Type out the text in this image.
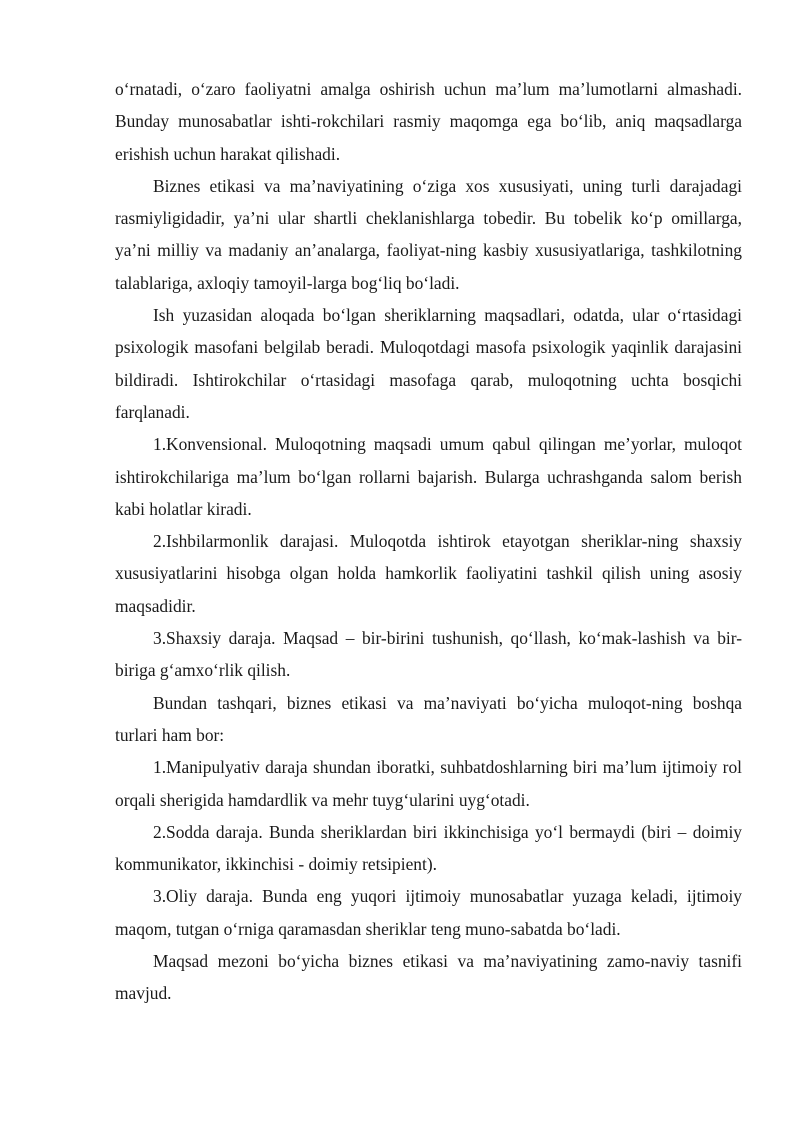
o‘rnatadi, o‘zaro faoliyatni amalga oshirish uchun ma’lum ma’lumotlarni almashadi. Bunday munosabatlar ishti-rokchilari rasmiy maqomga ega bo‘lib, aniq maqsadlarga erishish uchun harakat qilishadi.

Biznes etikasi va ma’naviyatining o‘ziga xos xususiyati, uning turli darajadagi rasmiyligidadir, ya’ni ular shartli cheklanishlarga tobedir. Bu tobelik ko‘p omillarga, ya’ni milliy va madaniy an’analarga, faoliyat-ning kasbiy xususiyatlariga, tashkilotning talablariga, axloqiy tamoyil-larga bog‘liq bo‘ladi.

Ish yuzasidan aloqada bo‘lgan sheriklarning maqsadlari, odatda, ular o‘rtasidagi psixologik masofani belgilab beradi. Muloqotdagi masofa psixologik yaqinlik darajasini bildiradi. Ishtirokchilar o‘rtasidagi masofaga qarab, muloqotning uchta bosqichi farqlanadi.

1.Konvensional. Muloqotning maqsadi umum qabul qilingan me’yorlar, muloqot ishtirokchilariga ma’lum bo‘lgan rollarni bajarish. Bularga uchrashganda salom berish kabi holatlar kiradi.

2.Ishbilarmonlik darajasi. Muloqotda ishtirok etayotgan sheriklar-ning shaxsiy xususiyatlarini hisobga olgan holda hamkorlik faoliyatini tashkil qilish uning asosiy maqsadidir.

3.Shaxsiy daraja. Maqsad – bir-birini tushunish, qo‘llash, ko‘mak-lashish va bir-biriga g‘amxo‘rlik qilish.

Bundan tashqari, biznes etikasi va ma’naviyati bo‘yicha muloqot-ning boshqa turlari ham bor:

1.Manipulyativ daraja shundan iboratki, suhbatdoshlarning biri ma’lum ijtimoiy rol orqali sherigida hamdardlik va mehr tuyg‘ularini uyg‘otadi.

2.Sodda daraja. Bunda sheriklardan biri ikkinchisiga yo‘l bermaydi (biri – doimiy kommunikator, ikkinchisi - doimiy retsipient).

3.Oliy daraja. Bunda eng yuqori ijtimoiy munosabatlar yuzaga keladi, ijtimoiy maqom, tutgan o‘rniga qaramasdan sheriklar teng muno-sabatda bo‘ladi.

Maqsad mezoni bo‘yicha biznes etikasi va ma’naviyatining zamo-naviy tasnifi mavjud.
